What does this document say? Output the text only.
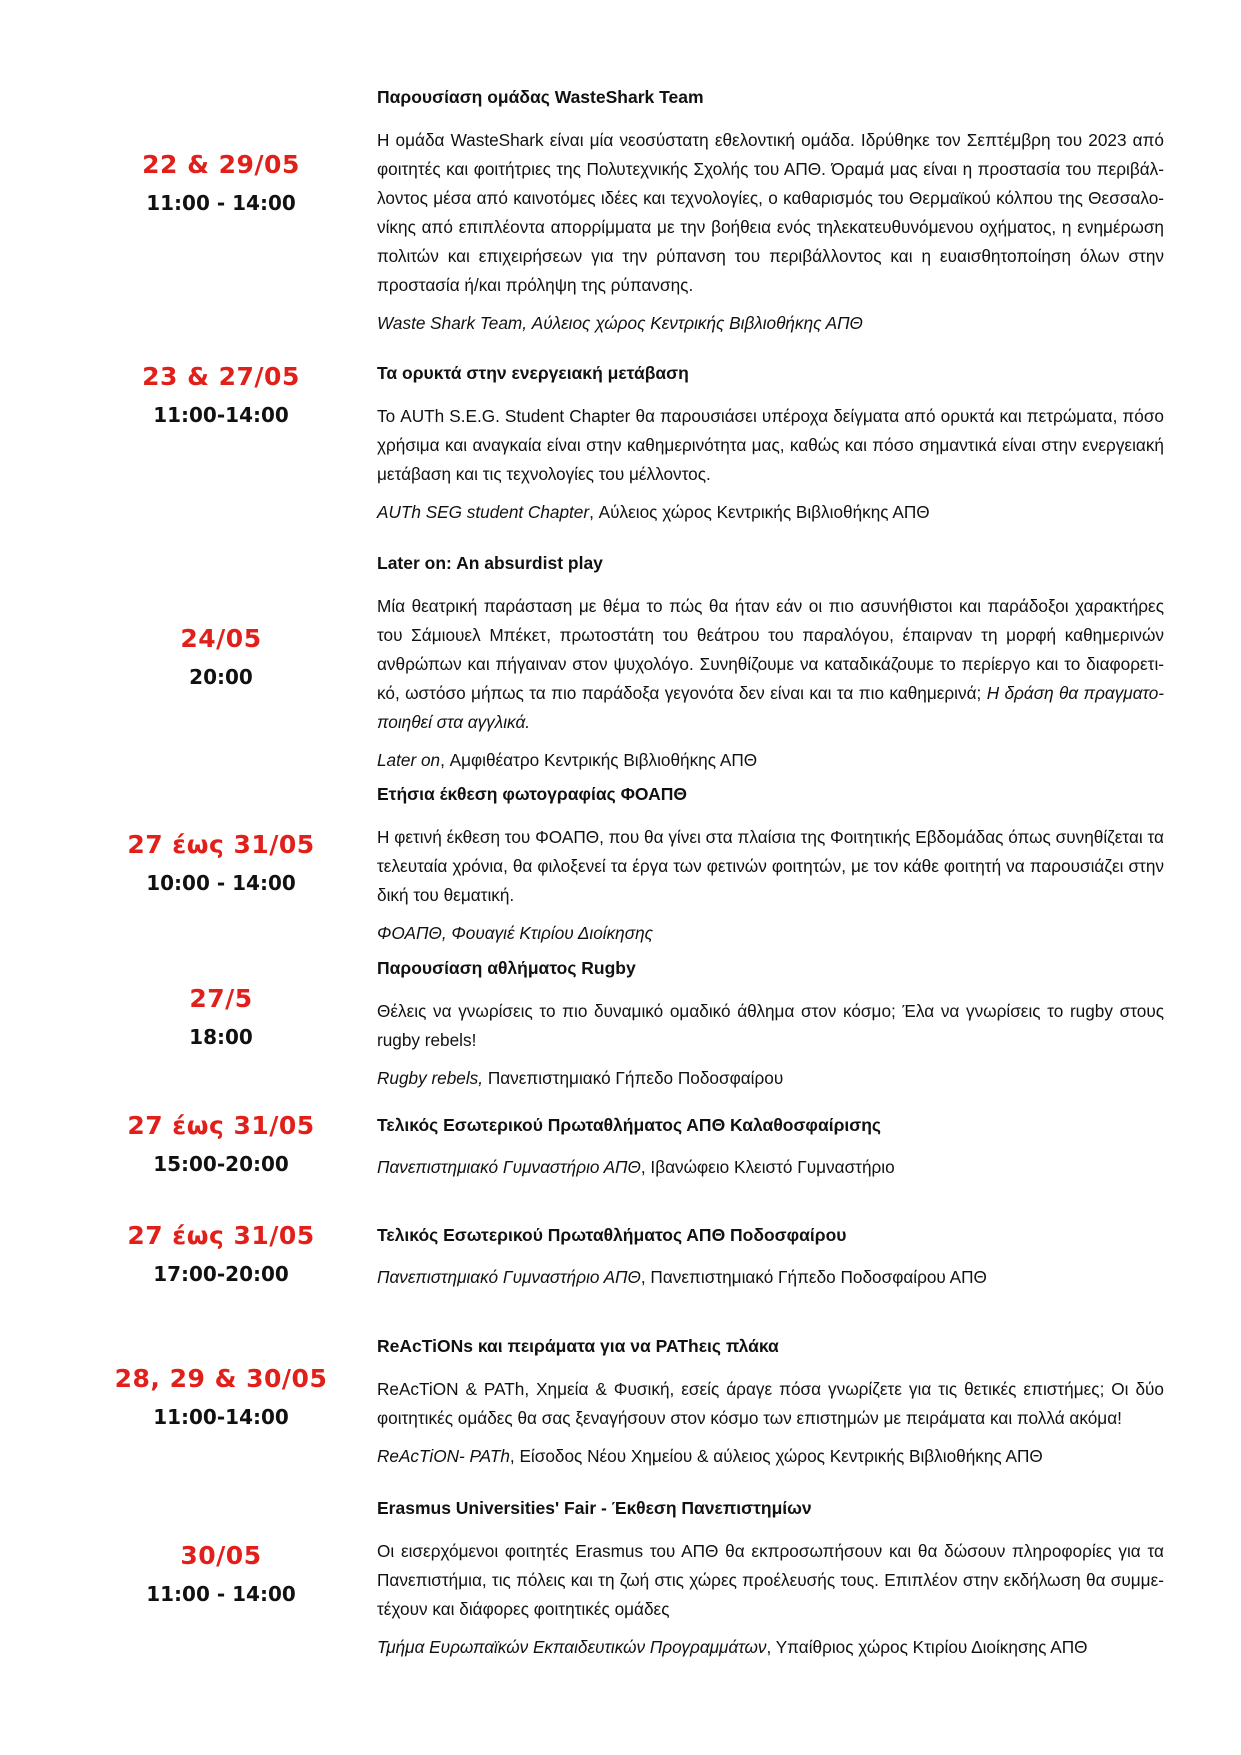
22 & 29/05
11:00 - 14:00
Παρουσίαση ομάδας WasteShark Team
Η ομάδα WasteShark είναι μία νεοσύστατη εθελοντική ομάδα. Ιδρύθηκε τον Σεπτέμβρη του 2023 από φοιτητές και φοιτήτριες της Πολυτεχνικής Σχολής του ΑΠΘ. Όραμά μας είναι η προστασία του περιβάλλοντος μέσα από καινοτόμες ιδέες και τεχνολογίες, ο καθαρισμός του Θερμαϊκού κόλπου της Θεσσαλονίκης από επιπλέοντα απορρίμματα με την βοήθεια ενός τηλεκατευθυνόμενου οχήματος, η ενημέρωση πολιτών και επιχειρήσεων για την ρύπανση του περιβάλλοντος και η ευαισθητοποίηση όλων στην προστασία ή/και πρόληψη της ρύπανσης.
Waste Shark Team, Αύλειος χώρος Κεντρικής Βιβλιοθήκης ΑΠΘ
23 & 27/05
11:00-14:00
Τα ορυκτά στην ενεργειακή μετάβαση
Το AUTh S.E.G. Student Chapter θα παρουσιάσει υπέροχα δείγματα από ορυκτά και πετρώματα, πόσο χρήσιμα και αναγκαία είναι στην καθημερινότητα μας, καθώς και πόσο σημαντικά είναι στην ενεργειακή μετάβαση και τις τεχνολογίες του μέλλοντος.
AUTh SEG student Chapter, Αύλειος χώρος Κεντρικής Βιβλιοθήκης ΑΠΘ
24/05
20:00
Later on: An absurdist play
Μία θεατρική παράσταση με θέμα το πώς θα ήταν εάν οι πιο ασυνήθιστοι και παράδοξοι χαρακτήρες του Σάμιουελ Μπέκετ, πρωτοστάτη του θεάτρου του παραλόγου, έπαιρναν τη μορφή καθημερινών ανθρώπων και πήγαιναν στον ψυχολόγο. Συνηθίζουμε να καταδικάζουμε το περίεργο και το διαφορετικό, ωστόσο μήπως τα πιο παράδοξα γεγονότα δεν είναι και τα πιο καθημερινά; Η δράση θα πραγματοποιηθεί στα αγγλικά.
Later on, Αμφιθέατρο Κεντρικής Βιβλιοθήκης ΑΠΘ
27 έως 31/05
10:00 - 14:00
Ετήσια έκθεση φωτογραφίας ΦΟΑΠΘ
Η φετινή έκθεση του ΦΟΑΠΘ, που θα γίνει στα πλαίσια της Φοιτητικής Εβδομάδας όπως συνηθίζεται τα τελευταία χρόνια, θα φιλοξενεί τα έργα των φετινών φοιτητών, με τον κάθε φοιτητή να παρουσιάζει στην δική του θεματική.
ΦΟΑΠΘ, Φουαγιέ Κτιρίου Διοίκησης
27/5
18:00
Παρουσίαση αθλήματος Rugby
Θέλεις να γνωρίσεις το πιο δυναμικό ομαδικό άθλημα στον κόσμο; Έλα να γνωρίσεις το rugby στους rugby rebels!
Rugby rebels, Πανεπιστημιακό Γήπεδο Ποδοσφαίρου
27 έως 31/05
15:00-20:00
Τελικός Εσωτερικού Πρωταθλήματος ΑΠΘ Καλαθοσφαίρισης
Πανεπιστημιακό Γυμναστήριο ΑΠΘ, Ιβανώφειο Κλειστό Γυμναστήριο
27 έως 31/05
17:00-20:00
Τελικός Εσωτερικού Πρωταθλήματος ΑΠΘ Ποδοσφαίρου
Πανεπιστημιακό Γυμναστήριο ΑΠΘ, Πανεπιστημιακό Γήπεδο Ποδοσφαίρου ΑΠΘ
28, 29 & 30/05
11:00-14:00
ReAcTiONs και πειράματα για να PAThεις πλάκα
ReAcTiON & PATh, Χημεία & Φυσική, εσείς άραγε πόσα γνωρίζετε για τις θετικές επιστήμες; Οι δύο φοιτητικές ομάδες θα σας ξεναγήσουν στον κόσμο των επιστημών με πειράματα και πολλά ακόμα!
ReAcTiON- PATh, Είσοδος Νέου Χημείου & αύλειος χώρος Κεντρικής Βιβλιοθήκης ΑΠΘ
30/05
11:00 - 14:00
Erasmus Universities' Fair - Έκθεση Πανεπιστημίων
Οι εισερχόμενοι φοιτητές Erasmus του ΑΠΘ θα εκπροσωπήσουν και θα δώσουν πληροφορίες για τα Πανεπιστήμια, τις πόλεις και τη ζωή στις χώρες προέλευσής τους. Επιπλέον στην εκδήλωση θα συμμετέχουν και διάφορες φοιτητικές ομάδες
Τμήμα Ευρωπαϊκών Εκπαιδευτικών Προγραμμάτων, Υπαίθριος χώρος Κτιρίου Διοίκησης ΑΠΘ
